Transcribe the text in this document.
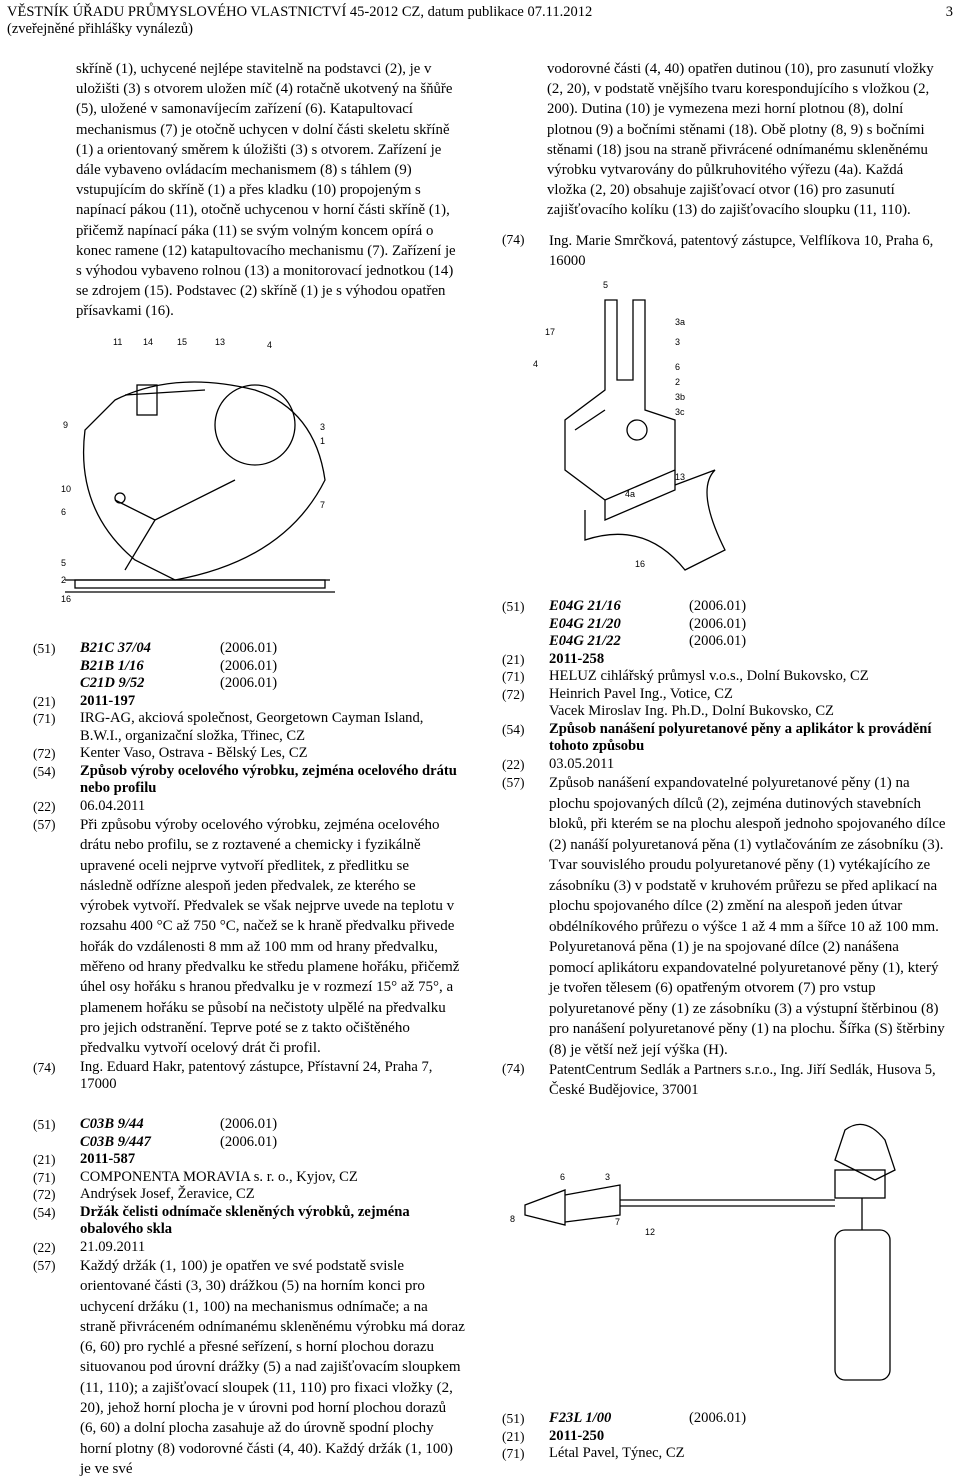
VĚSTNÍK ÚŘADU PRŮMYSLOVÉHO VLASTNICTVÍ 45-2012 CZ, datum publikace 07.11.2012
(zveřejněné přihlášky vynálezů)
3

skříně (1), uchycené nejlépe stavitelně na podstavci (2), je v uložišti (3) s otvorem uložen míč (4) rotačně ukotvený na šňůře (5), uložené v samonavíjecím zařízení (6). Katapultovací mechanismus (7) je otočně uchycen v dolní části skeletu skříně (1) a orientovaný směrem k úložišti (3) s otvorem. Zařízení je dále vybaveno ovládacím mechanismem (8) s táhlem (9) vstupujícím do skříně (1) a přes kladku (10) propojeným s napínací pákou (11), otočně uchycenou v horní části skříně (1), přičemž napínací páka (11) se svým volným koncem opírá o konec ramene (12) katapultovacího mechanismu (7). Zařízení je s výhodou vybaveno rolnou (13) a monitorovací jednotkou (14) se zdrojem (15). Podstavec (2) skříně (1) je s výhodou opatřen přísavkami (16).

vodorovné části (4, 40) opatřen dutinou (10), pro zasunutí vložky (2, 20), v podstatě vnějšího tvaru korespondujícího s vložkou (2, 200). Dutina (10) je vymezena mezi horní plotnou (8), dolní plotnou (9) a bočními stěnami (18). Obě plotny (8, 9) s bočními stěnami (18) jsou na straně přivrácené odnímanému skleněnému výrobku vytvarovány do půlkruhovitého výřezu (4a). Každá vložka (2, 20) obsahuje zajišťovací otvor (16) pro zasunutí zajišťovacího kolíku (13) do zajišťovacího sloupku (11, 110).

(74)	Ing. Marie Smrčková, patentový zástupce, Velflíkova 10, Praha 6, 16000
11 14	15	13	4
9	3
1
10
7
6
5
2
16
5
3a
17
3
6
2
3b
3c
4
4a
13
16
(51)	B21C 37/04	(2006.01)
B21B 1/16	(2006.01)
C21D 9/52	(2006.01)
(21)	2011-197
(71)	IRG-AG, akciová společnost, Georgetown Cayman Island, B.W.I., organizační složka, Třinec, CZ
(72)	Kenter Vaso, Ostrava - Bělský Les, CZ
(54)	Způsob výroby ocelového výrobku, zejména ocelového drátu nebo profilu
(22)	06.04.2011
(57)	Při způsobu výroby ocelového výrobku, zejména ocelového drátu nebo profilu, se z roztavené a chemicky i fyzikálně upravené oceli nejprve vytvoří předlitek, z předlitku se následně odřízne alespoň jeden předvalek, ze kterého se výrobek vytvoří. Předvalek se však nejprve uvede na teplotu v rozsahu 400 °C až 750 °C, načež se k hraně předvalku přivede hořák do vzdálenosti 8 mm až 100 mm od hrany předvalku, měřeno od hrany předvalku ke středu plamene hořáku, přičemž úhel osy hořáku s hranou předvalku je v rozmezí 15° až 75°, a plamenem hořáku se působí na nečistoty ulpělé na předvalku pro jejich odstranění. Teprve poté se z takto očištěného předvalku vytvoří ocelový drát či profil.
(74)	Ing. Eduard Hakr, patentový zástupce, Přístavní 24, Praha 7, 17000
(51)	C03B 9/44	(2006.01)
C03B 9/447	(2006.01)
(21)	2011-587
(71)	COMPONENTA MORAVIA s. r. o., Kyjov, CZ
(72)	Andrýsek Josef, Žeravice, CZ
(54)	Držák čelisti odnímače skleněných výrobků, zejména obalového skla
(22)	21.09.2011
(57)	Každý držák (1, 100) je opatřen ve své podstatě svisle orientované části (3, 30) drážkou (5) na horním konci pro uchycení držáku (1, 100) na mechanismus odnímače; a na straně přivráceném odnímanému skleněnému výrobku má doraz (6, 60) pro rychlé a přesné seřízení, s horní plochou dorazu situovanou pod úrovní drážky (5) a nad zajišťovacím sloupkem (11, 110); a zajišťovací sloupek (11, 110) pro fixaci vložky (2, 20), jehož horní plocha je v úrovni pod horní plochou dorazů (6, 60) a dolní plocha zasahuje až do úrovně spodní plochy horní plotny (8) vodorovné části (4, 40). Každý držák (1, 100) je ve své
(51)	E04G 21/16	(2006.01)
E04G 21/20	(2006.01)
E04G 21/22	(2006.01)
(21)	2011-258
(71)	HELUZ cihlářský průmysl v.o.s., Dolní Bukovsko, CZ
(72)	Heinrich Pavel Ing., Votice, CZ
Vacek Miroslav Ing. Ph.D., Dolní Bukovsko, CZ
(54)	Způsob nanášení polyuretanové pěny a aplikátor k provádění tohoto způsobu
(22)	03.05.2011
(57)	Způsob nanášení expandovatelné polyuretanové pěny (1) na plochu spojovaných dílců (2), zejména dutinových stavebních bloků, při kterém se na plochu alespoň jednoho spojovaného dílce (2) nanáší polyuretanová pěna (1) vytlačováním ze zásobníku (3). Tvar souvislého proudu polyuretanové pěny (1) vytékajícího ze zásobníku (3) v podstatě v kruhovém průřezu se před aplikací na plochu spojovaného dílce (2) změní na alespoň jeden útvar obdélníkového průřezu o výšce 1 až 4 mm a šířce 10 až 100 mm. Polyuretanová pěna (1) je na spojované dílce (2) nanášena pomocí aplikátoru expandovatelné polyuretanové pěny (1), který je tvořen tělesem (6) opatřeným otvorem (7) pro vstup polyuretanové pěny (1) ze zásobníku (3) a výstupní štěrbinou (8) pro nanášení polyuretanové pěny (1) na plochu. Šířka (S) štěrbiny (8) je větší než její výška (H).
(74)	PatentCentrum Sedlák a Partners s.r.o., Ing. Jiří Sedlák, Husova 5, České Budějovice, 37001
6	3
8	7
12
(51)	F23L 1/00	(2006.01)
(21)	2011-250
(71)	Létal Pavel, Týnec, CZ
